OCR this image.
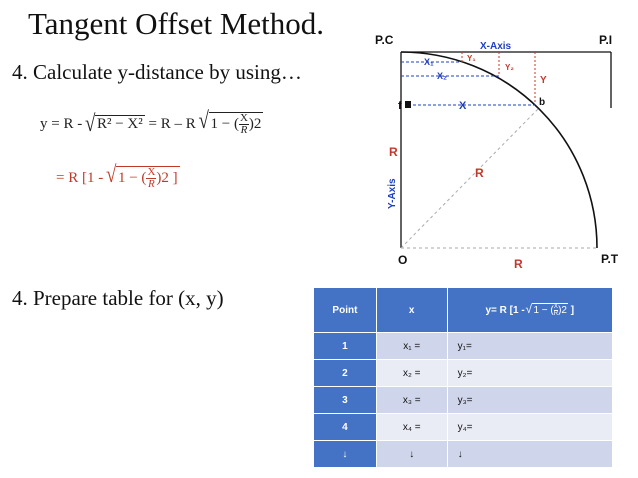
Tangent Offset Method.
4. Calculate y-distance by using…
y = R - √ R² − X² = R – R √ 1 − ( $\frac{X}{R} )2$
= R [1 - √ 1 − ( $\frac{X}{R} )2$ ]
4. Prepare table for (x, y)
P.C	P.I
P.T
X-Axis
Y-Axis
X₁
X₂
X
Y₁
Y₂
Y
f	b
O
R
R
R
Point	x	y= R [1 - √ 1 − ( $\frac{X}{R} )2$ ]
1	x₁ =	y₁=
2	x₂ =	y₂=
3	x₃ =	y₃=
4	x₄ =	y₄=
↓	↓	↓
